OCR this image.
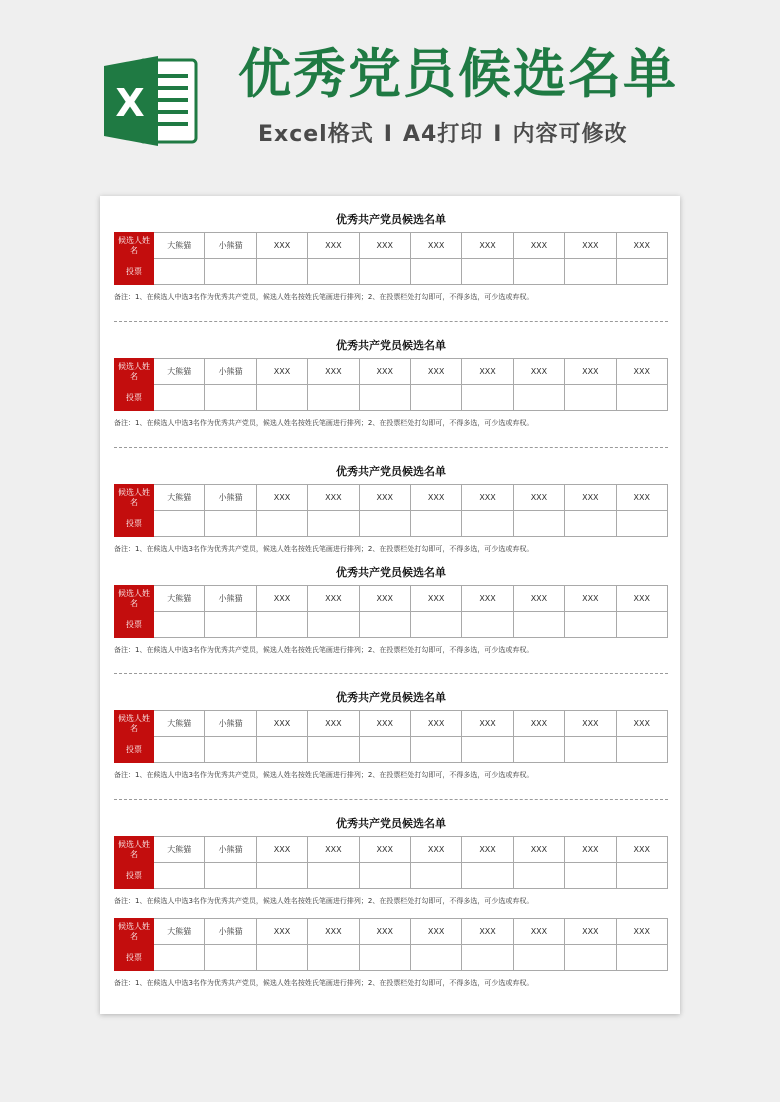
X 优秀党员候选名单
Excel格式 I A4打印 I 内容可修改
优秀共产党员候选名单
候选人姓名	大熊猫	小熊猫	XXX	XXX	XXX	XXX	XXX	XXX	XXX	XXX
投票										
备注：1、在候选人中选3名作为优秀共产党员，候选人姓名按姓氏笔画进行排列；2、在投票栏处打勾即可，不得多选，可少选或弃权。
优秀共产党员候选名单
候选人姓名	大熊猫	小熊猫	XXX	XXX	XXX	XXX	XXX	XXX	XXX	XXX
投票										
备注：1、在候选人中选3名作为优秀共产党员，候选人姓名按姓氏笔画进行排列；2、在投票栏处打勾即可，不得多选，可少选或弃权。
优秀共产党员候选名单
候选人姓名	大熊猫	小熊猫	XXX	XXX	XXX	XXX	XXX	XXX	XXX	XXX
投票										
备注：1、在候选人中选3名作为优秀共产党员，候选人姓名按姓氏笔画进行排列；2、在投票栏处打勾即可，不得多选，可少选或弃权。
优秀共产党员候选名单
候选人姓名	大熊猫	小熊猫	XXX	XXX	XXX	XXX	XXX	XXX	XXX	XXX
投票										
备注：1、在候选人中选3名作为优秀共产党员，候选人姓名按姓氏笔画进行排列；2、在投票栏处打勾即可，不得多选，可少选或弃权。
优秀共产党员候选名单
候选人姓名	大熊猫	小熊猫	XXX	XXX	XXX	XXX	XXX	XXX	XXX	XXX
投票										
备注：1、在候选人中选3名作为优秀共产党员，候选人姓名按姓氏笔画进行排列；2、在投票栏处打勾即可，不得多选，可少选或弃权。
优秀共产党员候选名单
候选人姓名	大熊猫	小熊猫	XXX	XXX	XXX	XXX	XXX	XXX	XXX	XXX
投票										
备注：1、在候选人中选3名作为优秀共产党员，候选人姓名按姓氏笔画进行排列；2、在投票栏处打勾即可，不得多选，可少选或弃权。
候选人姓名	大熊猫	小熊猫	XXX	XXX	XXX	XXX	XXX	XXX	XXX	XXX
投票										
备注：1、在候选人中选3名作为优秀共产党员，候选人姓名按姓氏笔画进行排列；2、在投票栏处打勾即可，不得多选，可少选或弃权。
